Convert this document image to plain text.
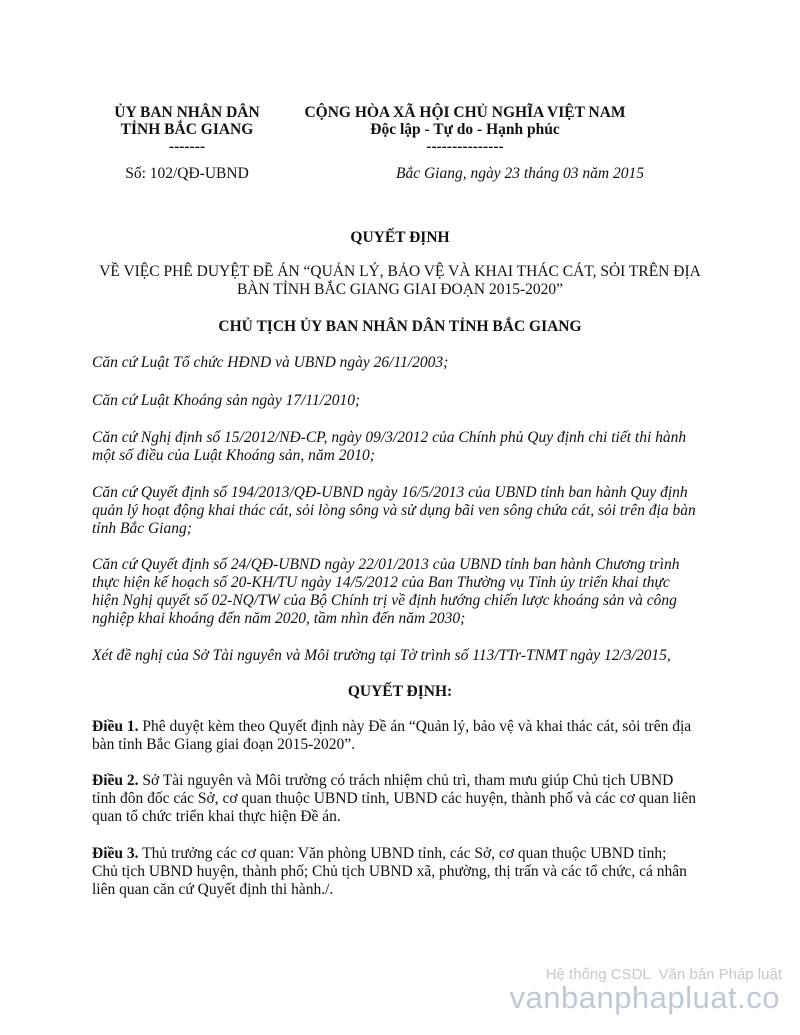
ỦY BAN NHÂN DÂN
TỈNH BẮC GIANG
-------
CỘNG HÒA XÃ HỘI CHỦ NGHĨA VIỆT NAM
Độc lập - Tự do - Hạnh phúc
---------------
Số: 102/QĐ-UBND	Bắc Giang, ngày 23 tháng 03 năm 2015
QUYẾT ĐỊNH
VỀ VIỆC PHÊ DUYỆT ĐỀ ÁN “QUẢN LÝ, BẢO VỆ VÀ KHAI THÁC CÁT, SỎI TRÊN ĐỊA
BÀN TỈNH BẮC GIANG GIAI ĐOẠN 2015-2020”
CHỦ TỊCH ỦY BAN NHÂN DÂN TỈNH BẮC GIANG
Căn cứ Luật Tổ chức HĐND và UBND ngày 26/11/2003;
Căn cứ Luật Khoáng sản ngày 17/11/2010;
Căn cứ Nghị định số 15/2012/NĐ-CP, ngày 09/3/2012 của Chính phủ Quy định chi tiết thi hành
một số điều của Luật Khoáng sản, năm 2010;
Căn cứ Quyết định số 194/2013/QĐ-UBND ngày 16/5/2013 của UBND tỉnh ban hành Quy định
quản lý hoạt động khai thác cát, sỏi lòng sông và sử dụng bãi ven sông chứa cát, sỏi trên địa bàn
tỉnh Bắc Giang;
Căn cứ Quyết định số 24/QĐ-UBND ngày 22/01/2013 của UBND tỉnh ban hành Chương trình
thực hiện kế hoạch số 20-KH/TU ngày 14/5/2012 của Ban Thường vụ Tỉnh ủy triển khai thực
hiện Nghị quyết số 02-NQ/TW của Bộ Chính trị về định hướng chiến lược khoáng sản và công
nghiệp khai khoáng đến năm 2020, tầm nhìn đến năm 2030;
Xét đề nghị của Sở Tài nguyên và Môi trường tại Tờ trình số 113/TTr-TNMT ngày 12/3/2015,
QUYẾT ĐỊNH:
Điều 1. Phê duyệt kèm theo Quyết định này Đề án “Quản lý, bảo vệ và khai thác cát, sỏi trên địa
bàn tỉnh Bắc Giang giai đoạn 2015-2020”.
Điều 2. Sở Tài nguyên và Môi trường có trách nhiệm chủ trì, tham mưu giúp Chủ tịch UBND
tỉnh đôn đốc các Sở, cơ quan thuộc UBND tỉnh, UBND các huyện, thành phố và các cơ quan liên
quan tổ chức triển khai thực hiện Đề án.
Điều 3. Thủ trưởng các cơ quan: Văn phòng UBND tỉnh, các Sở, cơ quan thuộc UBND tỉnh;
Chủ tịch UBND huyện, thành phố; Chủ tịch UBND xã, phường, thị trấn và các tổ chức, cá nhân
liên quan căn cứ Quyết định thi hành./.
Hệ thống CSDL  Văn bản Pháp luật
vanbanphapluat.co
